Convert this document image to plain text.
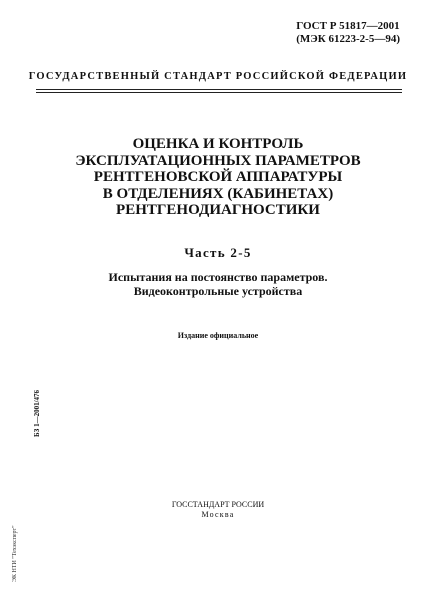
ГОСТ Р 51817—2001
(МЭК 61223-2-5—94)
ГОСУДАРСТВЕННЫЙ СТАНДАРТ РОССИЙСКОЙ ФЕДЕРАЦИИ
ОЦЕНКА И КОНТРОЛЬ
ЭКСПЛУАТАЦИОННЫХ ПАРАМЕТРОВ
РЕНТГЕНОВСКОЙ АППАРАТУРЫ
В ОТДЕЛЕНИЯХ (КАБИНЕТАХ)
РЕНТГЕНОДИАГНОСТИКИ
Часть 2-5
Испытания на постоянство параметров.
Видеоконтрольные устройства
Издание официальное
БЗ 1—2001/476
ЭК НТИ "Техэксперт"
ГОССТАНДАРТ РОССИИ
Москва
